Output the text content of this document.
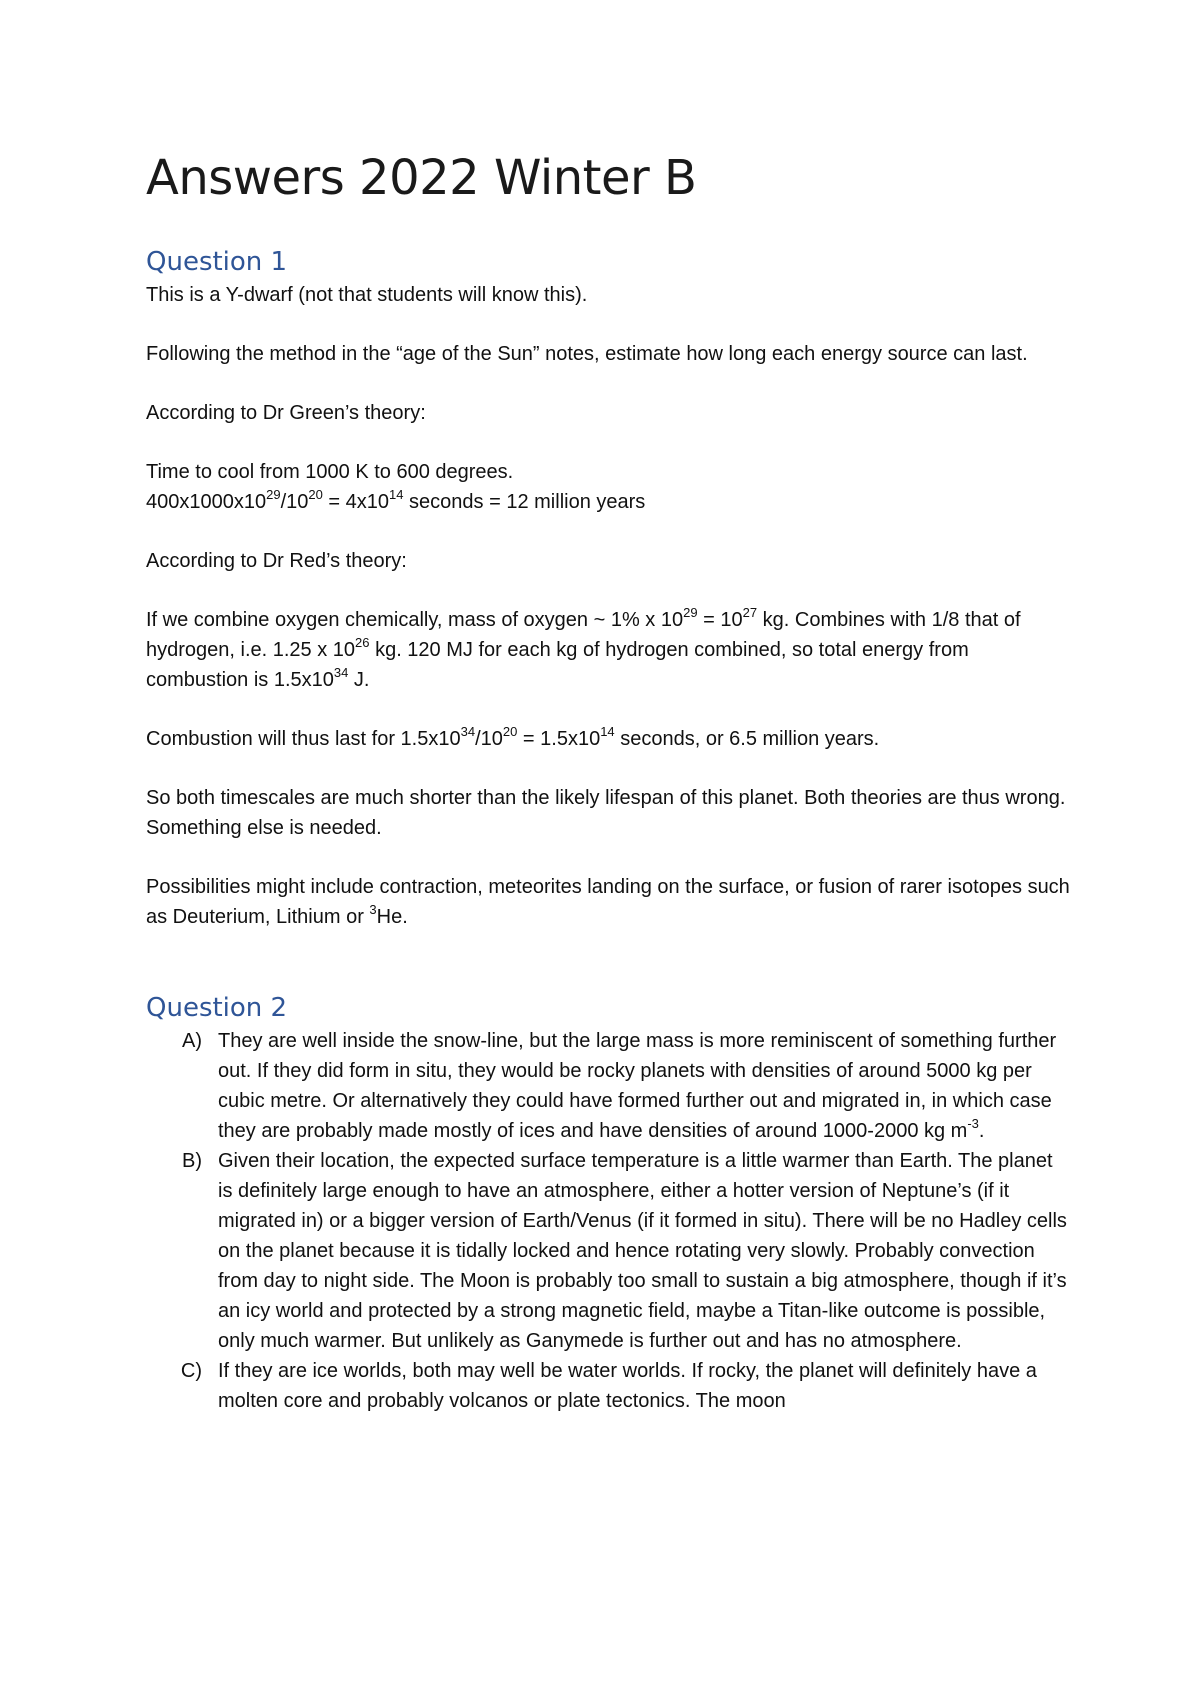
Answers 2022 Winter B
Question 1

This is a Y-dwarf (not that students will know this).

Following the method in the “age of the Sun” notes, estimate how long each energy source can last.

According to Dr Green’s theory:

Time to cool from 1000 K to 600 degrees.
$400x1000x10^{29}/10^{20} = 4x10^{14}$ seconds = 12 million years

According to Dr Red’s theory:

If we combine oxygen chemically, mass of oxygen ~ 1% x $10^{29} = 10^{27}$ kg. Combines with 1/8 that of hydrogen, i.e. 1.25 x $10^{26}$ kg. 120 MJ for each kg of hydrogen combined, so total energy from combustion is $1.5x10^{34}$ J.

Combustion will thus last for $1.5x10^{34}/10^{20} = 1.5x10^{14}$ seconds, or 6.5 million years.

So both timescales are much shorter than the likely lifespan of this planet. Both theories are thus wrong. Something else is needed.

Possibilities might include contraction, meteorites landing on the surface, or fusion of rarer isotopes such as Deuterium, Lithium or $^3$He.

Question 2
A) They are well inside the snow-line, but the large mass is more reminiscent of something further out. If they did form in situ, they would be rocky planets with densities of around 5000 kg per cubic metre. Or alternatively they could have formed further out and migrated in, in which case they are probably made mostly of ices and have densities of around 1000-2000 kg $m^{-3}$.
B) Given their location, the expected surface temperature is a little warmer than Earth. The planet is definitely large enough to have an atmosphere, either a hotter version of Neptune’s (if it migrated in) or a bigger version of Earth/Venus (if it formed in situ). There will be no Hadley cells on the planet because it is tidally locked and hence rotating very slowly. Probably convection from day to night side. The Moon is probably too small to sustain a big atmosphere, though if it’s an icy world and protected by a strong magnetic field, maybe a Titan-like outcome is possible, only much warmer. But unlikely as Ganymede is further out and has no atmosphere.
C) If they are ice worlds, both may well be water worlds. If rocky, the planet will definitely have a molten core and probably volcanos or plate tectonics. The moon
